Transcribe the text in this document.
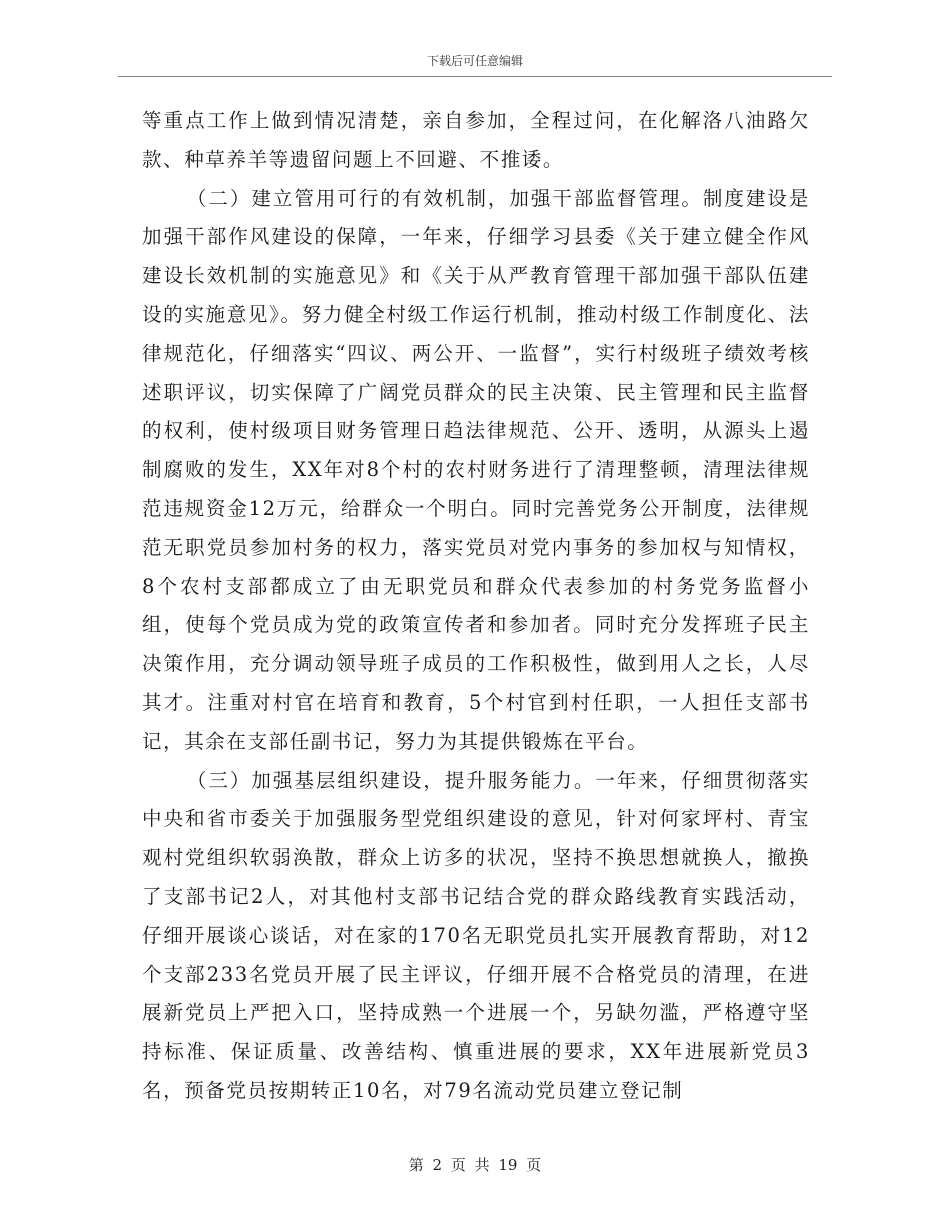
下载后可任意编辑

等重点工作上做到情况清楚，亲自参加，全程过问，在化解洛八油路欠款、种草养羊等遗留问题上不回避、不推诿。

（二）建立管用可行的有效机制，加强干部监督管理。制度建设是加强干部作风建设的保障，一年来，仔细学习县委《关于建立健全作风建设长效机制的实施意见》和《关于从严教育管理干部加强干部队伍建设的实施意见》。努力健全村级工作运行机制，推动村级工作制度化、法律规范化，仔细落实“四议、两公开、一监督”，实行村级班子绩效考核述职评议，切实保障了广阔党员群众的民主决策、民主管理和民主监督的权利，使村级项目财务管理日趋法律规范、公开、透明，从源头上遏制腐败的发生，XX年对8个村的农村财务进行了清理整顿，清理法律规范违规资金12万元，给群众一个明白。同时完善党务公开制度，法律规范无职党员参加村务的权力，落实党员对党内事务的参加权与知情权，8个农村支部都成立了由无职党员和群众代表参加的村务党务监督小组，使每个党员成为党的政策宣传者和参加者。同时充分发挥班子民主决策作用，充分调动领导班子成员的工作积极性，做到用人之长，人尽其才。注重对村官在培育和教育，5个村官到村任职，一人担任支部书记，其余在支部任副书记，努力为其提供锻炼在平台。

（三）加强基层组织建设，提升服务能力。一年来，仔细贯彻落实中央和省市委关于加强服务型党组织建设的意见，针对何家坪村、青宝观村党组织软弱涣散，群众上访多的状况，坚持不换思想就换人，撤换了支部书记2人，对其他村支部书记结合党的群众路线教育实践活动，仔细开展谈心谈话，对在家的170名无职党员扎实开展教育帮助，对12个支部233名党员开展了民主评议，仔细开展不合格党员的清理，在进展新党员上严把入口，坚持成熟一个进展一个，另缺勿滥，严格遵守坚持标准、保证质量、改善结构、慎重进展的要求，XX年进展新党员3名，预备党员按期转正10名，对79名流动党员建立登记制

第 2 页 共 19 页
